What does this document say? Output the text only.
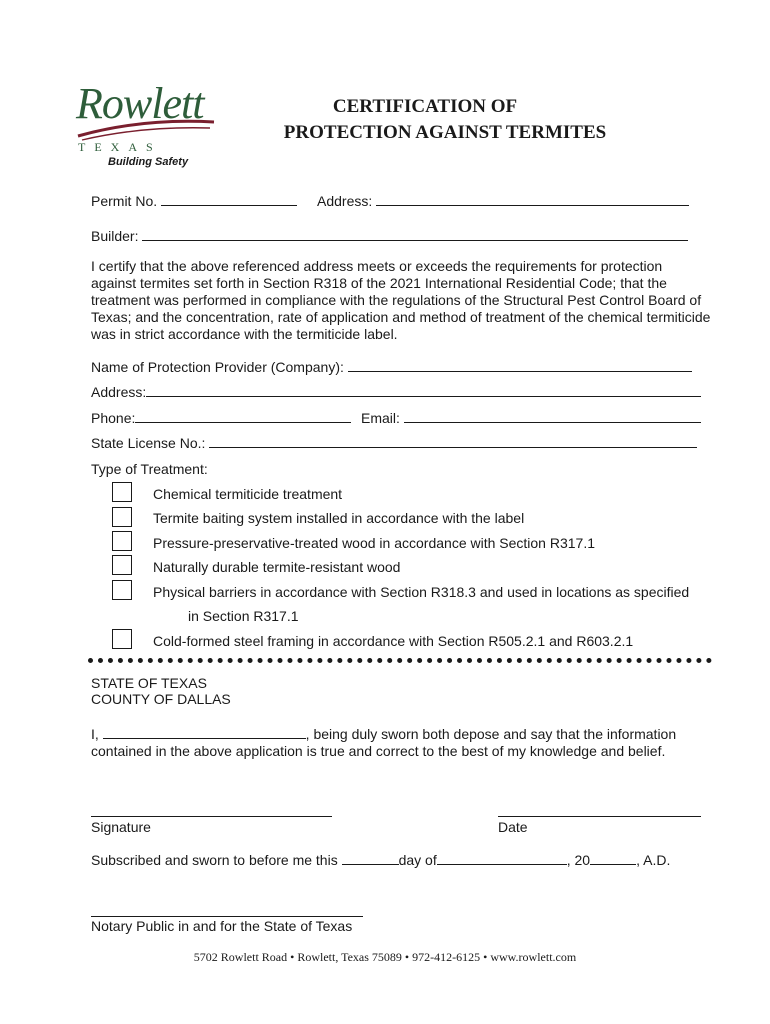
Rowlett
TEXAS
Building Safety
CERTIFICATION OF
PROTECTION AGAINST TERMITES
Permit No.	Address:
Builder:
I certify that the above referenced address meets or exceeds the requirements for protection against termites set forth in Section R318 of the 2021 International Residential Code; that the treatment was performed in compliance with the regulations of the Structural Pest Control Board of Texas; and the concentration, rate of application and method of treatment of the chemical termiticide was in strict accordance with the termiticide label.
Name of Protection Provider (Company):
Address:
Phone:	Email:
State License No.:
Type of Treatment:
Chemical termiticide treatment
Termite baiting system installed in accordance with the label
Pressure-preservative-treated wood in accordance with Section R317.1
Naturally durable termite-resistant wood
Physical barriers in accordance with Section R318.3 and used in locations as specified
in Section R317.1
Cold-formed steel framing in accordance with Section R505.2.1 and R603.2.1
STATE OF TEXAS
COUNTY OF DALLAS
I,	, being duly sworn both depose and say that the information
contained in the above application is true and correct to the best of my knowledge and belief.
Signature	Date
Subscribed and sworn to before me this	day of	, 20	, A.D.
Notary Public in and for the State of Texas
5702 Rowlett Road • Rowlett, Texas 75089 • 972-412-6125 • www.rowlett.com
